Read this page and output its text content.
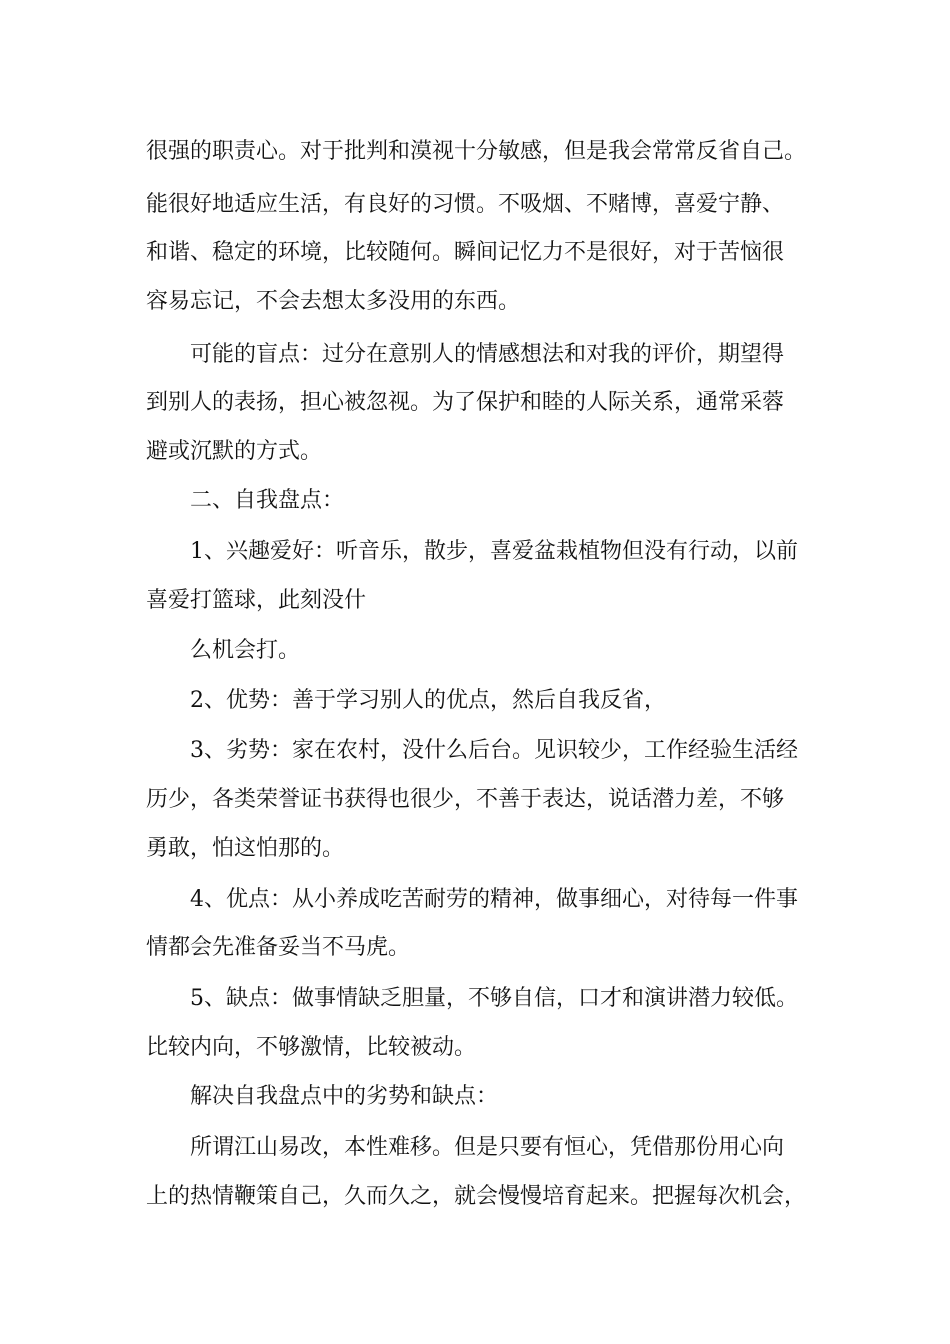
很强的职责心。对于批判和漠视十分敏感，但是我会常常反省自己。
能很好地适应生活，有良好的习惯。不吸烟、不赌博，喜爱宁静、
和谐、稳定的环境，比较随何。瞬间记忆力不是很好，对于苦恼很
容易忘记，不会去想太多没用的东西。
可能的盲点：过分在意别人的情感想法和对我的评价，期望得
到别人的表扬，担心被忽视。为了保护和睦的人际关系，通常采蓉
避或沉默的方式。
二、自我盘点：
1、兴趣爱好：听音乐，散步，喜爱盆栽植物但没有行动，以前
喜爱打篮球，此刻没什
么机会打。
2、优势：善于学习别人的优点，然后自我反省，
3、劣势：家在农村，没什么后台。见识较少，工作经验生活经
历少，各类荣誉证书获得也很少，不善于表达，说话潜力差，不够
勇敢，怕这怕那的。
4、优点：从小养成吃苦耐劳的精神，做事细心，对待每一件事
情都会先准备妥当不马虎。
5、缺点：做事情缺乏胆量，不够自信，口才和演讲潜力较低。
比较内向，不够激情，比较被动。
解决自我盘点中的劣势和缺点：
所谓江山易改，本性难移。但是只要有恒心，凭借那份用心向
上的热情鞭策自己，久而久之，就会慢慢培育起来。把握每次机会，
